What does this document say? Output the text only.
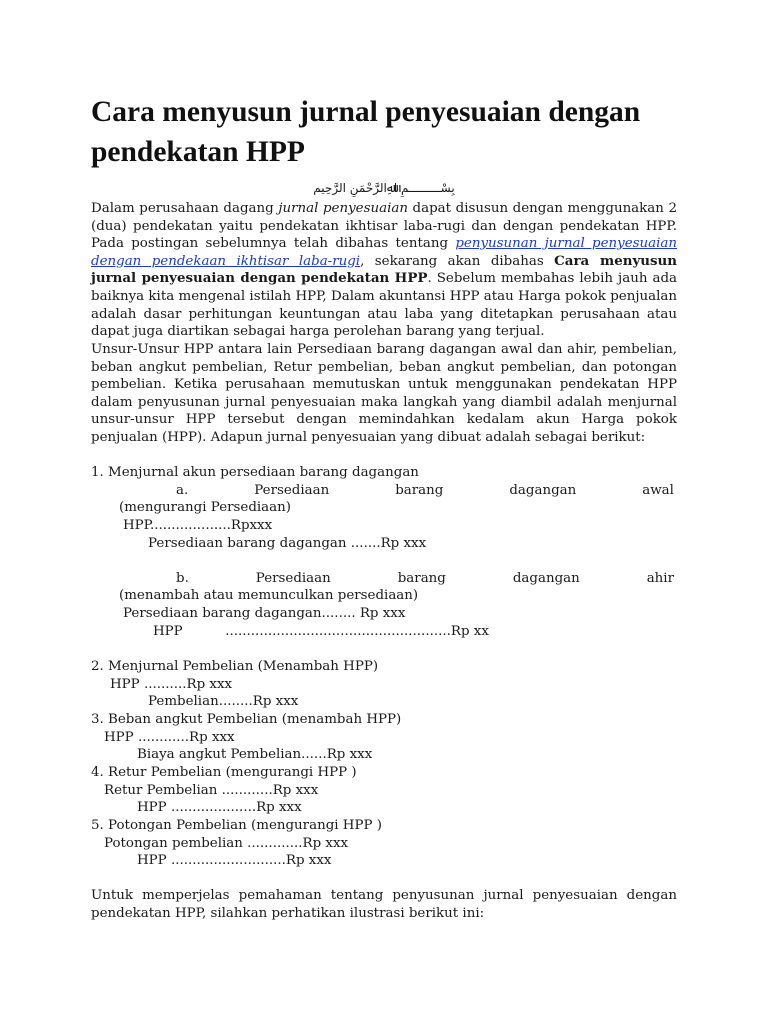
Cara menyusun jurnal penyesuaian dengan pendekatan HPP
بِسْـــــــــمِ اﷲِالرَّحْمَنِ الرَّحِيم
Dalam perusahaan dagang jurnal penyesuaian dapat disusun dengan menggunakan 2 (dua) pendekatan yaitu pendekatan ikhtisar laba-rugi dan dengan pendekatan HPP. Pada postingan sebelumnya telah dibahas tentang penyusunan jurnal penyesuaian dengan pendekaan ikhtisar laba-rugi, sekarang akan dibahas Cara menyusun jurnal penyesuaian dengan pendekatan HPP. Sebelum membahas lebih jauh ada baiknya kita mengenal istilah HPP, Dalam akuntansi HPP atau Harga pokok penjualan adalah dasar perhitungan keuntungan atau laba yang ditetapkan perusahaan atau dapat juga diartikan sebagai harga perolehan barang yang terjual.
Unsur-Unsur HPP antara lain Persediaan barang dagangan awal dan ahir, pembelian, beban angkut pembelian, Retur pembelian, beban angkut pembelian, dan potongan pembelian. Ketika perusahaan memutuskan untuk menggunakan pendekatan HPP dalam penyusunan jurnal penyesuaian maka langkah yang diambil adalah menjurnal unsur-unsur HPP tersebut dengan memindahkan kedalam akun Harga pokok penjualan (HPP). Adapun jurnal penyesuaian yang dibuat adalah sebagai berikut:
1. Menjurnal akun persediaan barang dagangan
a.	Persediaan	barang	dagangan	awal
(mengurangi Persediaan)
HPP...................Rpxxx
Persediaan barang dagangan .......Rp xxx
b.	Persediaan	barang	dagangan	ahir
(menambah atau memunculkan persediaan)
Persediaan barang dagangan........ Rp xxx
HPP          .....................................................Rp xx
2. Menjurnal Pembelian (Menambah HPP)
HPP ..........Rp xxx
Pembelian........Rp xxx
3. Beban angkut Pembelian (menambah HPP)
HPP ............Rp xxx
Biaya angkut Pembelian......Rp xxx
4. Retur Pembelian (mengurangi HPP )
Retur Pembelian ............Rp xxx
HPP ....................Rp xxx
5. Potongan Pembelian (mengurangi HPP )
Potongan pembelian .............Rp xxx
HPP ...........................Rp xxx
Untuk memperjelas pemahaman tentang penyusunan jurnal penyesuaian dengan pendekatan HPP, silahkan perhatikan ilustrasi berikut ini:
